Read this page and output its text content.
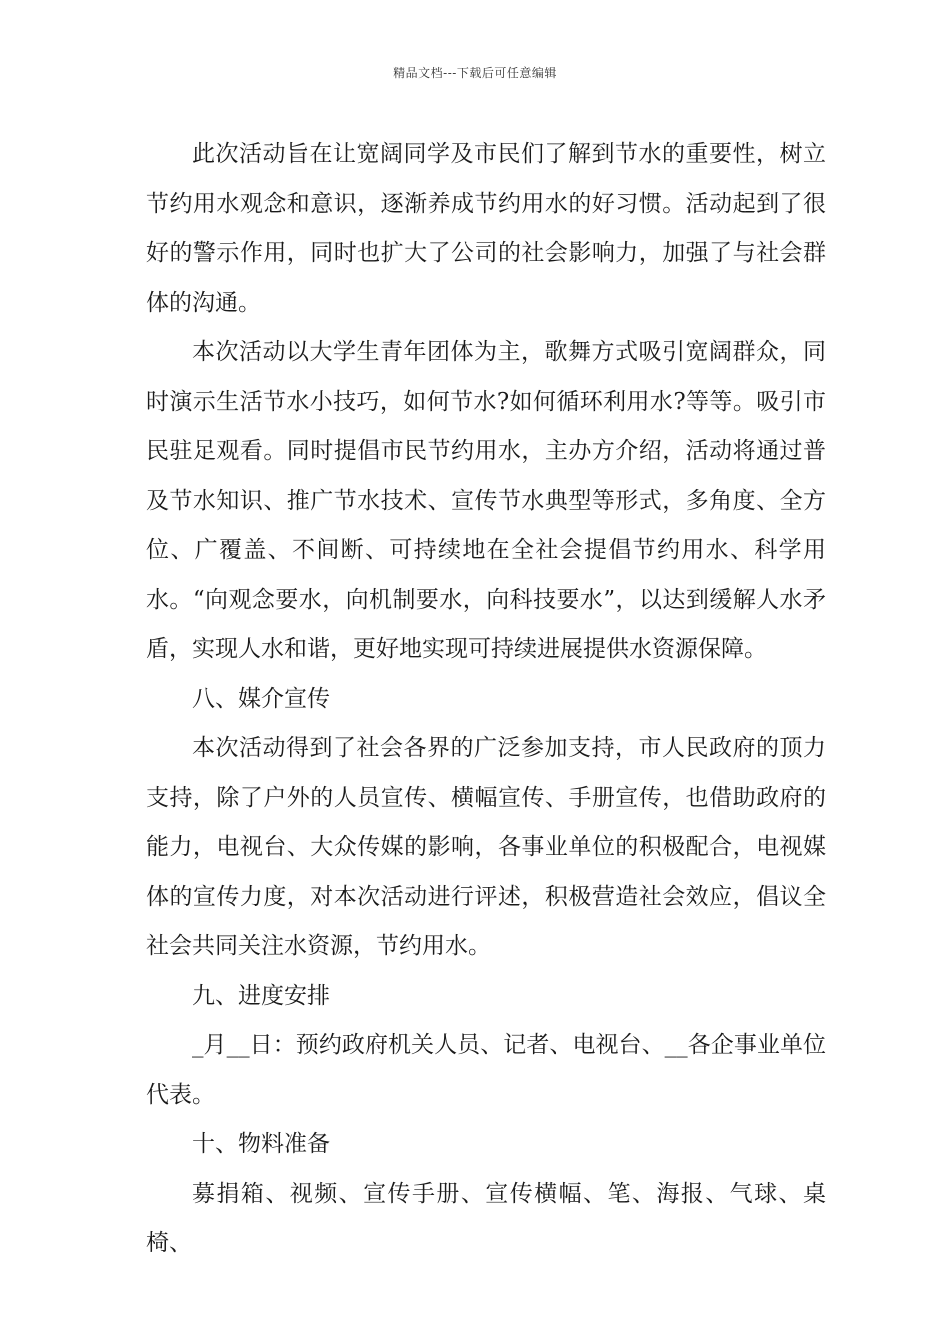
精品文档---下载后可任意编辑

此次活动旨在让宽阔同学及市民们了解到节水的重要性，树立节约用水观念和意识，逐渐养成节约用水的好习惯。活动起到了很好的警示作用，同时也扩大了公司的社会影响力，加强了与社会群体的沟通。

本次活动以大学生青年团体为主，歌舞方式吸引宽阔群众，同时演示生活节水小技巧，如何节水?如何循环利用水?等等。吸引市民驻足观看。同时提倡市民节约用水，主办方介绍，活动将通过普及节水知识、推广节水技术、宣传节水典型等形式，多角度、全方位、广覆盖、不间断、可持续地在全社会提倡节约用水、科学用水。“向观念要水，向机制要水，向科技要水”，以达到缓解人水矛盾，实现人水和谐，更好地实现可持续进展提供水资源保障。

八、媒介宣传

本次活动得到了社会各界的广泛参加支持，市人民政府的顶力支持，除了户外的人员宣传、横幅宣传、手册宣传，也借助政府的能力，电视台、大众传媒的影响，各事业单位的积极配合，电视媒体的宣传力度，对本次活动进行评述，积极营造社会效应，倡议全社会共同关注水资源，节约用水。

九、进度安排

_月__日：预约政府机关人员、记者、电视台、__各企事业单位代表。

十、物料准备

募捐箱、视频、宣传手册、宣传横幅、笔、海报、气球、桌椅、
